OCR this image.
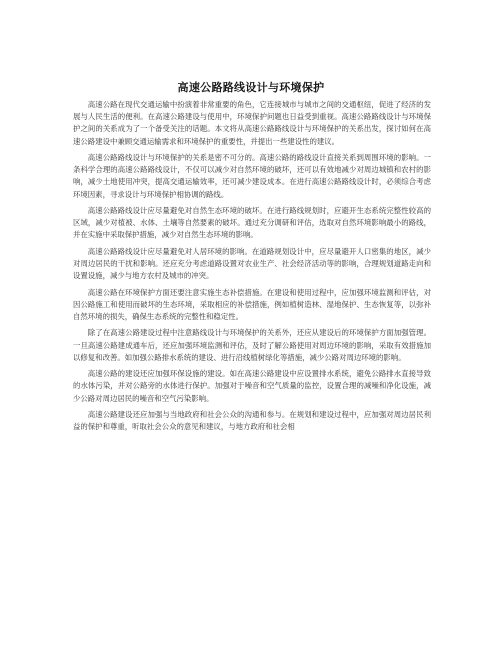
高速公路路线设计与环境保护

高速公路在现代交通运输中扮演着非常重要的角色，它连接城市与城市之间的交通枢纽，促进了经济的发展与人民生活的便利。在高速公路建设与使用中，环境保护问题也日益受到重视。高速公路路线设计与环境保护之间的关系成为了一个备受关注的话题。本文将从高速公路路线设计与环境保护的关系出发，探讨如何在高速公路建设中兼顾交通运输需求和环境保护的重要性，并提出一些建设性的建议。

高速公路路线设计与环境保护的关系是密不可分的。高速公路的路线设计直接关系到周围环境的影响。一条科学合理的高速公路路线设计，不仅可以减少对自然环境的破坏，还可以有效地减少对周边城镇和农村的影响，减少土地使用冲突，提高交通运输效率，还可减少建设成本。在进行高速公路路线设计时，必须综合考虑环境因素，寻求设计与环境保护相协调的路线。

高速公路路线设计应尽量避免对自然生态环境的破坏。在进行路线规划时，应避开生态系统完整性较高的区域，减少对植被、水体、土壤等自然要素的破坏。通过充分调研和评估，选取对自然环境影响最小的路线，并在实施中采取保护措施，减少对自然生态环境的影响。

高速公路路线设计应尽量避免对人居环境的影响。在道路规划设计中，应尽量避开人口密集的地区，减少对周边居民的干扰和影响。还应充分考虑道路设置对农业生产、社会经济活动等的影响，合理规划道路走向和设置设施，减少与地方农村及城市的冲突。

高速公路在环境保护方面还要注意实施生态补偿措施。在建设和使用过程中，应加强环境监测和评估，对因公路施工和使用而破坏的生态环境，采取相应的补偿措施，例如植树造林、湿地保护、生态恢复等，以弥补自然环境的损失，确保生态系统的完整性和稳定性。

除了在高速公路建设过程中注意路线设计与环境保护的关系外，还应从建设后的环境保护方面加强管理。一旦高速公路建成通车后，还应加强环境监测和评估，及时了解公路使用对周边环境的影响，采取有效措施加以修复和改善。如加强公路排水系统的建设、进行沿线植树绿化等措施，减少公路对周边环境的影响。

高速公路的建设还应加强环保设施的建设。如在高速公路建设中应设置排水系统，避免公路排水直接导致的水体污染，并对公路旁的水体进行保护。加强对于噪音和空气质量的监控，设置合理的减噪和净化设施，减少公路对周边居民的噪音和空气污染影响。

高速公路建设还应加强与当地政府和社会公众的沟通和参与。在规划和建设过程中，应加强对周边居民利益的保护和尊重，听取社会公众的意见和建议，与地方政府和社会相
